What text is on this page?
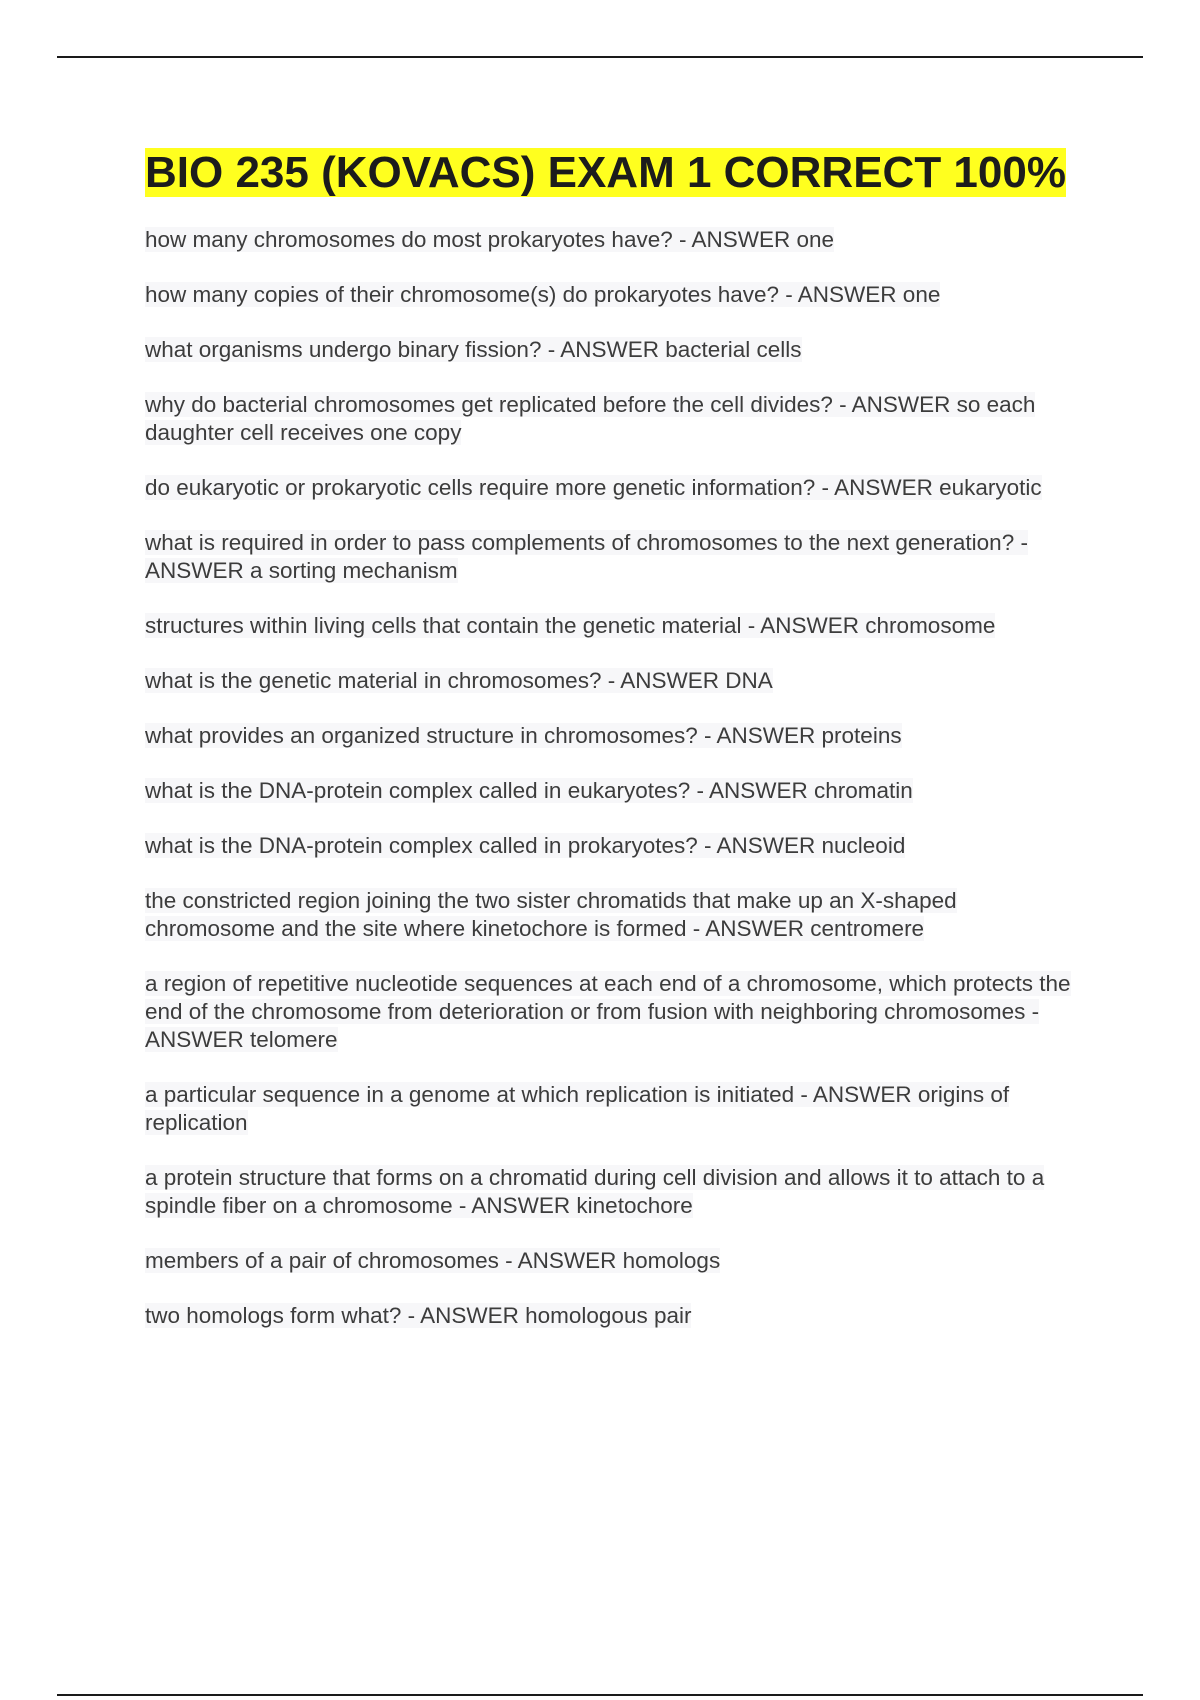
BIO 235 (KOVACS) EXAM 1 CORRECT 100%
how many chromosomes do most prokaryotes have? - ANSWER one
how many copies of their chromosome(s) do prokaryotes have? - ANSWER one
what organisms undergo binary fission? - ANSWER bacterial cells
why do bacterial chromosomes get replicated before the cell divides? - ANSWER so each daughter cell receives one copy
do eukaryotic or prokaryotic cells require more genetic information? - ANSWER eukaryotic
what is required in order to pass complements of chromosomes to the next generation? - ANSWER a sorting mechanism
structures within living cells that contain the genetic material - ANSWER chromosome
what is the genetic material in chromosomes? - ANSWER DNA
what provides an organized structure in chromosomes? - ANSWER proteins
what is the DNA-protein complex called in eukaryotes? - ANSWER chromatin
what is the DNA-protein complex called in prokaryotes? - ANSWER nucleoid
the constricted region joining the two sister chromatids that make up an X-shaped chromosome and the site where kinetochore is formed - ANSWER centromere
a region of repetitive nucleotide sequences at each end of a chromosome, which protects the end of the chromosome from deterioration or from fusion with neighboring chromosomes - ANSWER telomere
a particular sequence in a genome at which replication is initiated - ANSWER origins of replication
a protein structure that forms on a chromatid during cell division and allows it to attach to a spindle fiber on a chromosome - ANSWER kinetochore
members of a pair of chromosomes - ANSWER homologs
two homologs form what? - ANSWER homologous pair
